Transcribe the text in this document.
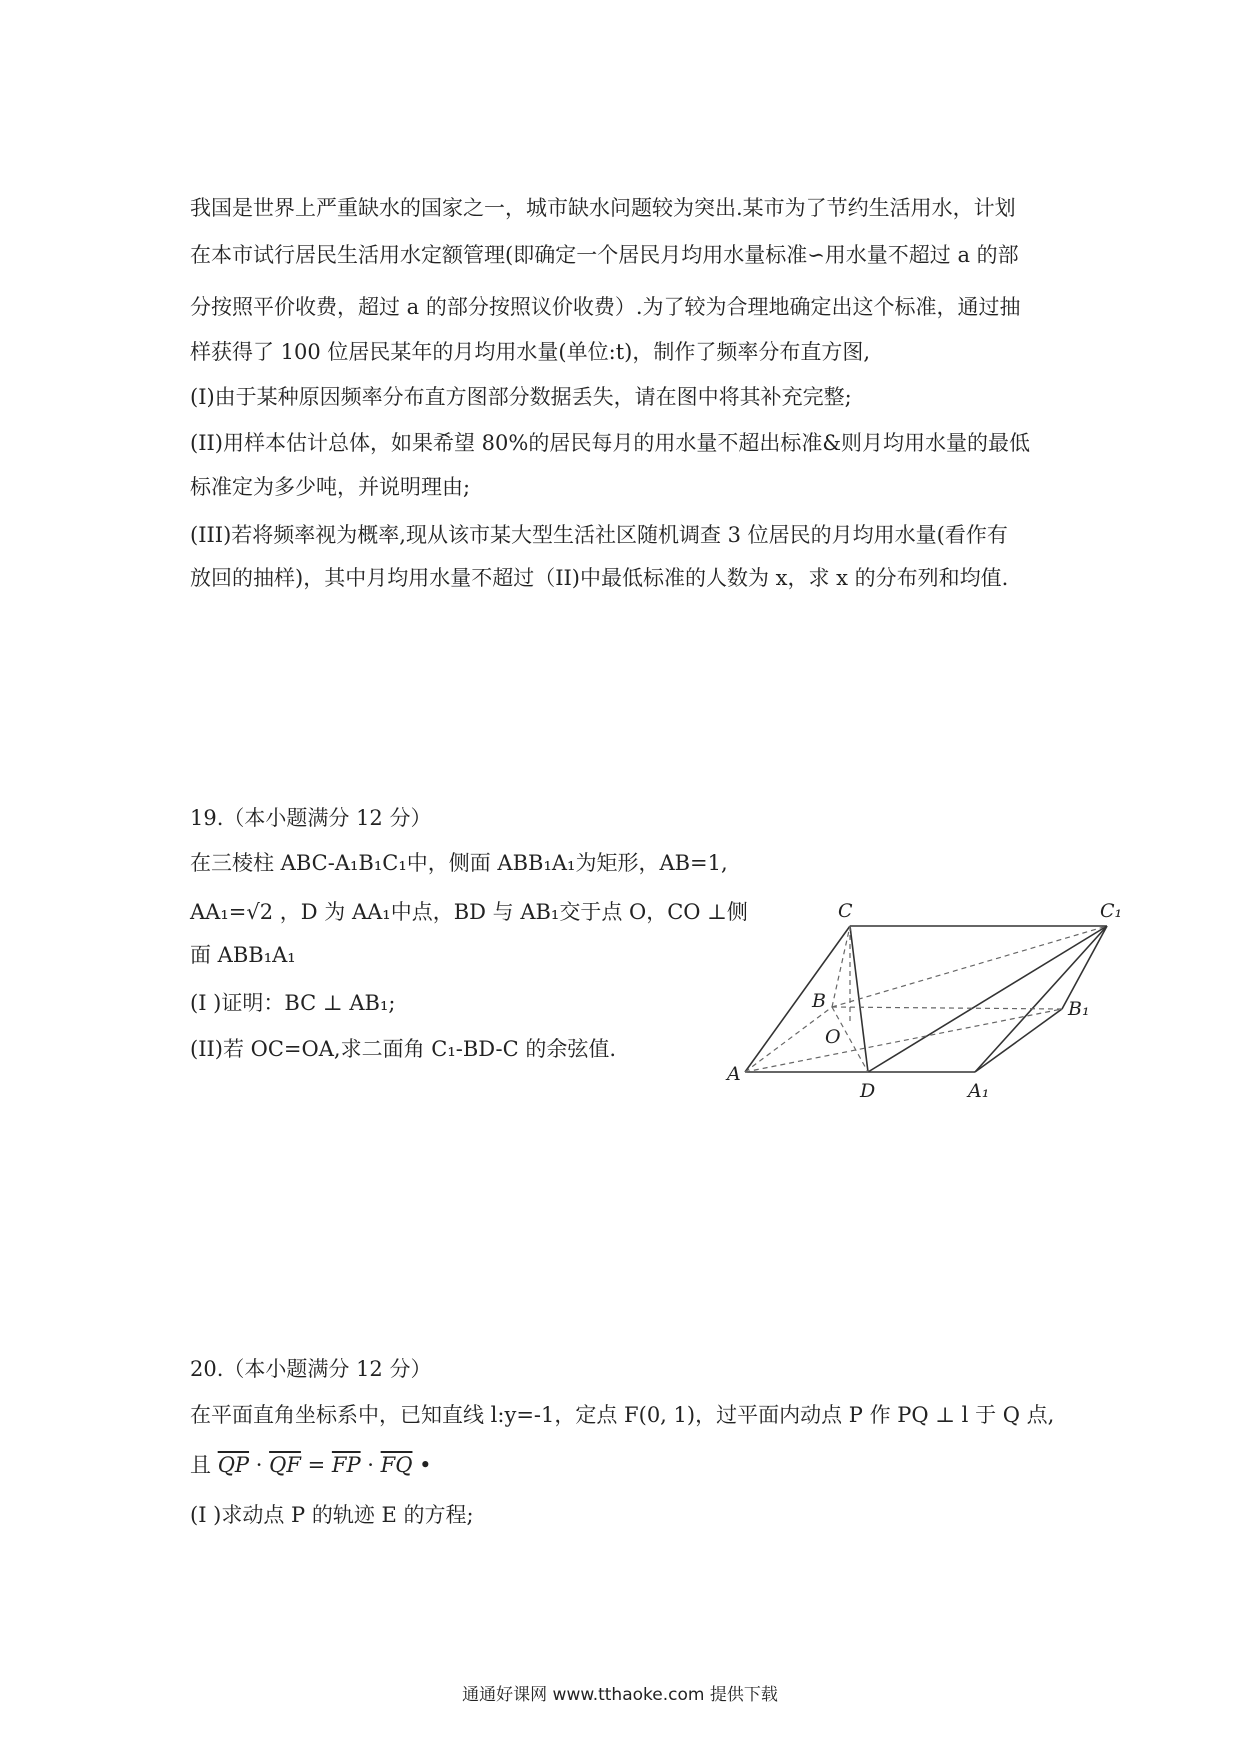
我国是世界上严重缺水的国家之一，城市缺水问题较为突出.某市为了节约生活用水，计划
在本市试行居民生活用水定额管理(即确定一个居民月均用水量标准∽用水量不超过 a 的部
分按照平价收费，超过 a 的部分按照议价收费）.为了较为合理地确定出这个标准，通过抽
样获得了 100 位居民某年的月均用水量(单位:t)，制作了频率分布直方图,
(I)由于某种原因频率分布直方图部分数据丢失，请在图中将其补充完整;
(II)用样本估计总体，如果希望 80%的居民每月的用水量不超出标准&则月均用水量的最低
标准定为多少吨，并说明理由;
(III)若将频率视为概率,现从该市某大型生活社区随机调查 3 位居民的月均用水量(看作有
放回的抽样)，其中月均用水量不超过（II)中最低标准的人数为 x，求 x 的分布列和均值.
19.（本小题满分 12 分）
在三棱柱 ABC-A₁B₁C₁中，侧面 ABB₁A₁为矩形，AB=1,
AA₁=√2 ，D 为 AA₁中点，BD 与 AB₁交于点 O，CO ⊥侧
面 ABB₁A₁
(I )证明：BC ⊥ AB₁;
(II)若 OC=OA,求二面角 C₁-BD-C 的余弦值.
C	C₁
B	B₁
O
A
D	A₁
20.（本小题满分 12 分）
在平面直角坐标系中，已知直线 l:y=-1，定点 F(0, 1)，过平面内动点 P 作 PQ ⊥ l 于 Q 点,
且 $\overline{QP} \cdot \overline{QF} = \overline{FP} \cdot \overline{FQ}$ •
(I )求动点 P 的轨迹 E 的方程;
通通好课网 www.tthaoke.com 提供下载
